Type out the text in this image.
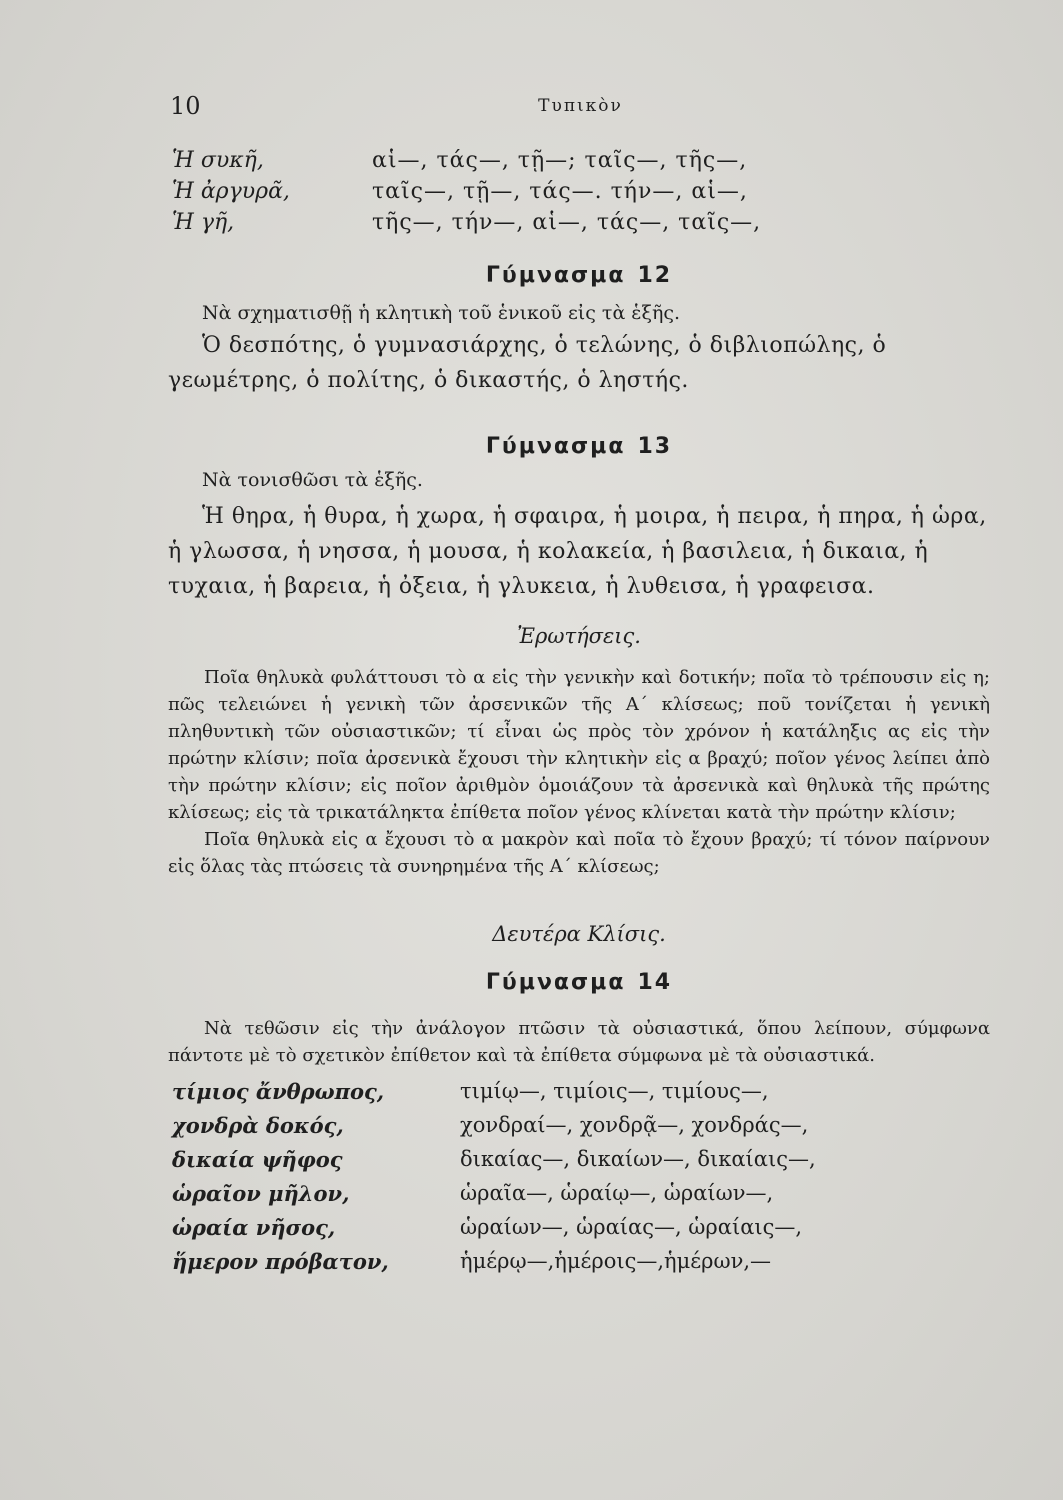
10	Τυπικὸν
Ἡ συκῆ,	αἱ—, τάς—, τῇ—; ταῖς—, τῆς—,
Ἡ ἀργυρᾶ,	ταῖς—, τῇ—, τάς—. τήν—, αἱ—,
Ἡ γῆ,	τῆς—, τήν—, αἱ—, τάς—, ταῖς—,
Γύμνασμα 12

Νὰ σχηματισθῇ ἡ κλητικὴ τοῦ ἑνικοῦ εἰς τὰ ἑξῆς.

Ὁ δεσπότης, ὁ γυμνασιάρχης, ὁ τελώνης, ὁ διβλιοπώλης, ὁ γεωμέτρης, ὁ πολίτης, ὁ δικαστής, ὁ ληστής.

Γύμνασμα 13

Νὰ τονισθῶσι τὰ ἑξῆς.

Ἡ θηρα, ἡ θυρα, ἡ χωρα, ἡ σφαιρα, ἡ μοιρα, ἡ πειρα, ἡ πηρα, ἡ ὡρα, ἡ γλωσσα, ἡ νησσα, ἡ μουσα, ἡ κολακεία, ἡ βασιλεια, ἡ δικαια, ἡ τυχαια, ἡ βαρεια, ἡ ὀξεια, ἡ γλυκεια, ἡ λυθεισα, ἡ γραφεισα.

Ἐρωτήσεις.

Ποῖα θηλυκὰ φυλάττουσι τὸ α εἰς τὴν γενικὴν καὶ δοτικήν; ποῖα τὸ τρέπουσιν εἰς η; πῶς τελειώνει ἡ γενικὴ τῶν ἀρσενικῶν τῆς Α΄ κλίσεως; ποῦ τονίζεται ἡ γενικὴ πληθυντικὴ τῶν οὐσιαστικῶν; τί εἶναι ὡς πρὸς τὸν χρόνον ἡ κατάληξις ας εἰς τὴν πρώτην κλίσιν; ποῖα ἀρσενικὰ ἔχουσι τὴν κλητικὴν εἰς α βραχύ; ποῖον γένος λείπει ἀπὸ τὴν πρώτην κλίσιν; εἰς ποῖον ἀριθμὸν ὁμοιάζουν τὰ ἀρσενικὰ καὶ θηλυκὰ τῆς πρώτης κλίσεως; εἰς τὰ τρικατάληκτα ἐπίθετα ποῖον γένος κλίνεται κατὰ τὴν πρώτην κλίσιν;

Ποῖα θηλυκὰ εἰς α ἔχουσι τὸ α μακρὸν καὶ ποῖα τὸ ἔχουν βραχύ; τί τόνον παίρνουν εἰς ὅλας τὰς πτώσεις τὰ συνηρημένα τῆς Α΄ κλίσεως;

Δευτέρα Κλίσις.
Γύμνασμα 14

Νὰ τεθῶσιν εἰς τὴν ἀνάλογον πτῶσιν τὰ οὐσιαστικά, ὅπου λείπουν, σύμφωνα πάντοτε μὲ τὸ σχετικὸν ἐπίθετον καὶ τὰ ἐπίθετα σύμφωνα μὲ τὰ οὐσιαστικά.

τίμιος ἄνθρωπος,	τιμίῳ—, τιμίοις—, τιμίους—,
χονδρὰ δοκός,	χονδραί—, χονδρᾷ—, χονδράς—,
δικαία ψῆφος	δικαίας—, δικαίων—, δικαίαις—,
ὡραῖον μῆλον,	ὡραῖα—, ὡραίῳ—, ὡραίων—,
ὡραία νῆσος,	ὡραίων—, ὡραίας—, ὡραίαις—,
ἥμερον πρόβατον,	ἡμέρῳ—,ἡμέροις—,ἡμέρων,—
